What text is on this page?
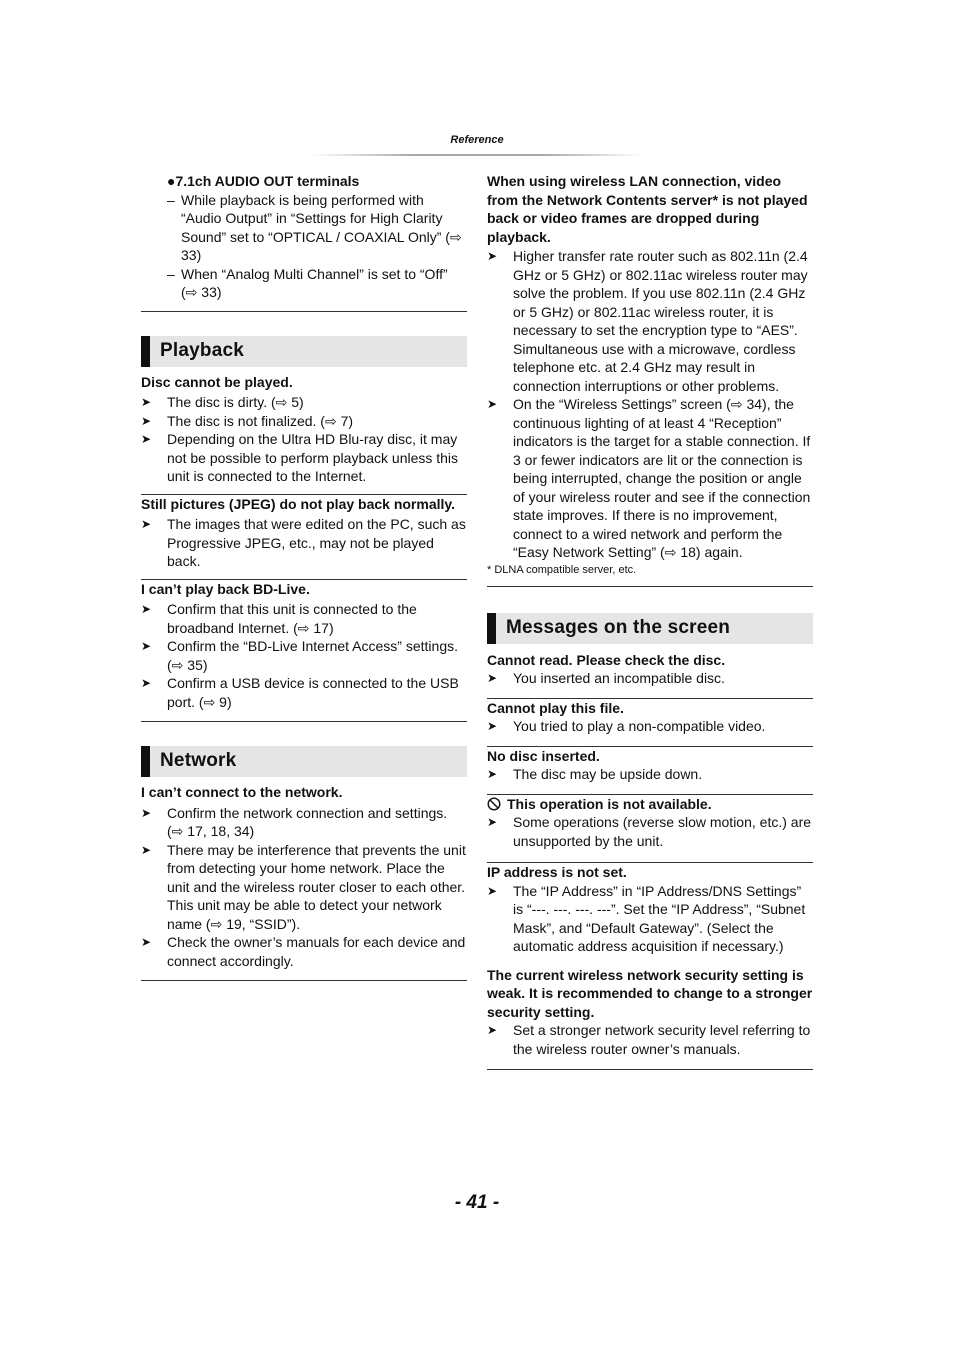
Reference
●7.1ch AUDIO OUT terminals
– While playback is being performed with “Audio Output” in “Settings for High Clarity Sound” set to “OPTICAL / COAXIAL Only” (⇨ 33)
– When “Analog Multi Channel” is set to “Off” (⇨ 33)
Playback
Disc cannot be played.
➤ The disc is dirty. (⇨ 5)
➤ The disc is not finalized. (⇨ 7)
➤ Depending on the Ultra HD Blu-ray disc, it may not be possible to perform playback unless this unit is connected to the Internet.
Still pictures (JPEG) do not play back normally.
➤ The images that were edited on the PC, such as Progressive JPEG, etc., may not be played back.
I can’t play back BD-Live.
➤ Confirm that this unit is connected to the broadband Internet. (⇨ 17)
➤ Confirm the “BD-Live Internet Access” settings. (⇨ 35)
➤ Confirm a USB device is connected to the USB port. (⇨ 9)
Network
I can’t connect to the network.
➤ Confirm the network connection and settings. (⇨ 17, 18, 34)
➤ There may be interference that prevents the unit from detecting your home network. Place the unit and the wireless router closer to each other. This unit may be able to detect your network name (⇨ 19, “SSID”).
➤ Check the owner’s manuals for each device and connect accordingly.
When using wireless LAN connection, video from the Network Contents server* is not played back or video frames are dropped during playback.
➤ Higher transfer rate router such as 802.11n (2.4 GHz or 5 GHz) or 802.11ac wireless router may solve the problem. If you use 802.11n (2.4 GHz or 5 GHz) or 802.11ac wireless router, it is necessary to set the encryption type to “AES”.
Simultaneous use with a microwave, cordless telephone etc. at 2.4 GHz may result in connection interruptions or other problems.
➤ On the “Wireless Settings” screen (⇨ 34), the continuous lighting of at least 4 “Reception” indicators is the target for a stable connection. If 3 or fewer indicators are lit or the connection is being interrupted, change the position or angle of your wireless router and see if the connection state improves. If there is no improvement, connect to a wired network and perform the “Easy Network Setting” (⇨ 18) again.
* DLNA compatible server, etc.
Messages on the screen
Cannot read. Please check the disc.
➤ You inserted an incompatible disc.
Cannot play this file.
➤ You tried to play a non-compatible video.
No disc inserted.
➤ The disc may be upside down.
This operation is not available.
➤ Some operations (reverse slow motion, etc.) are unsupported by the unit.
IP address is not set.
➤ The “IP Address” in “IP Address/DNS Settings” is “---. ---. ---. ---”. Set the “IP Address”, “Subnet Mask”, and “Default Gateway”. (Select the automatic address acquisition if necessary.)
The current wireless network security setting is weak. It is recommended to change to a stronger security setting.
➤ Set a stronger network security level referring to the wireless router owner’s manuals.
- 41 -
